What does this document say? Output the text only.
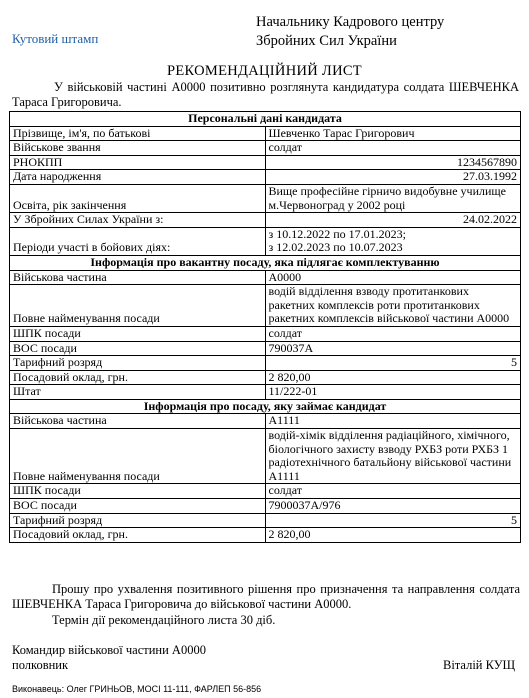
Кутовий штамп
Начальнику Кадрового центру
Збройних Сил України
РЕКОМЕНДАЦІЙНИЙ ЛИСТ
У військовій частині А0000 позитивно розглянута кандидатура солдата ШЕВЧЕНКА Тараса Григоровича.
Персональні дані кандидата	
Прізвище, ім'я, по батькові	Шевченко Тарас Григорович
Військове звання	солдат
РНОКПП	1234567890
Дата народження	27.03.1992
Освіта, рік закінчення	Вище професійне гірничо видобувне училище
м.Червоноград у 2002 році

У Збройних Силах України з:	24.02.2022
Періоди участі в бойових діях:	з 10.12.2022 по 17.01.2023;
з 12.02.2023 по 10.07.2023

Інформація про вакантну посаду, яка підлягає комплектуванню	
Військова частина	А0000
Повне найменування посади	водій відділення взводу протитанкових
ракетних комплексів роти протитанкових
ракетних комплексів військової частини А0000

ШПК посади	солдат
ВОС посади	790037А
Тарифний розряд	5
Посадовий оклад, грн.	2 820,00
Штат	11/222-01
Інформація про посаду, яку займає кандидат	
Військова частина	А1111
Повне найменування посади	водій-хімік відділення радіаційного, хімічного,
біологічного захисту взводу РХБЗ роти РХБЗ 1
радіотехнічного батальйону військової частини
А1111

ШПК посади	солдат
ВОС посади	7900037А/976
Тарифний розряд	5
Посадовий оклад, грн.	2 820,00
Прошу про ухвалення позитивного рішення про призначення та направлення солдата ШЕВЧЕНКА Тараса Григоровича до військової частини А0000.
Термін дії рекомендаційного листа 30 діб.
Командир військової частини А0000
полковник	Віталій КУЩ
Виконавець: Олег ГРИНЬОВ, МОСІ 11-111, ФАРЛЕП 56-856
